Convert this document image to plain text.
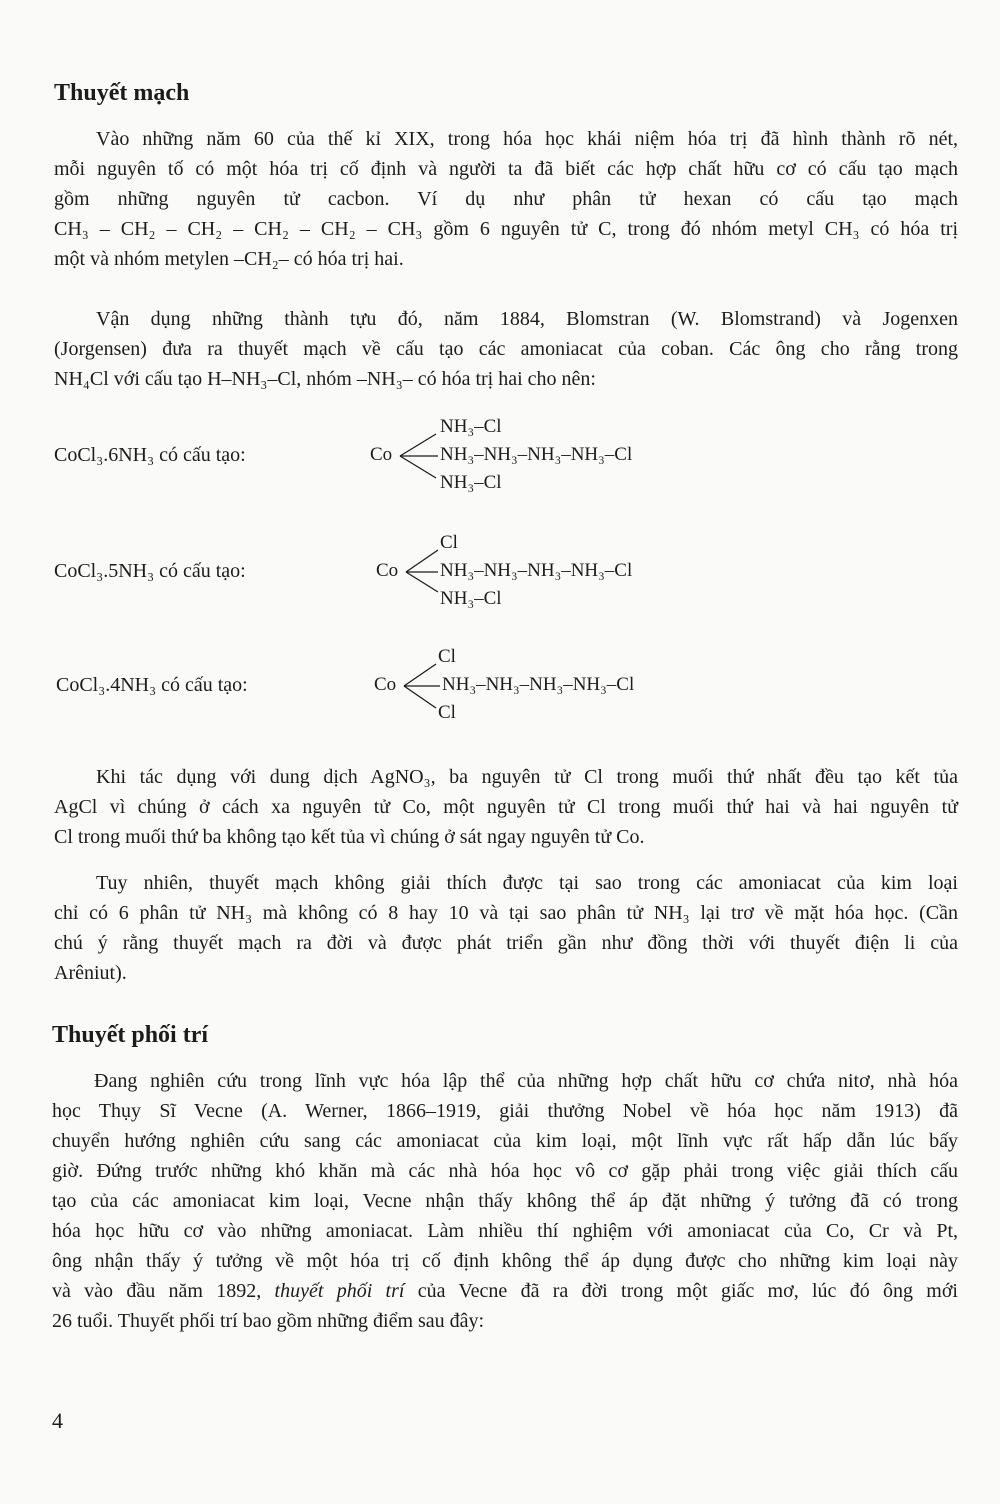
Thuyết mạch
Vào những năm 60 của thế kỉ XIX, trong hóa học khái niệm hóa trị đã hình thành rõ nét,
mỗi nguyên tố có một hóa trị cố định và người ta đã biết các hợp chất hữu cơ có cấu tạo mạch
gồm những nguyên tử cacbon. Ví dụ như phân tử hexan có cấu tạo mạch
CH₃ – CH₂ – CH₂ – CH₂ – CH₂ – CH₃ gồm 6 nguyên tử C, trong đó nhóm metyl CH₃ có hóa trị
một và nhóm metylen –CH₂– có hóa trị hai.
Vận dụng những thành tựu đó, năm 1884, Blomstran (W. Blomstrand) và Jogenxen
(Jorgensen) đưa ra thuyết mạch về cấu tạo các amoniacat của coban. Các ông cho rằng trong
NH₄Cl với cấu tạo H–NH₃–Cl, nhóm –NH₃– có hóa trị hai cho nên:
CoCl₃.6NH₃ có cấu tạo:	Co
NH₃–Cl
NH₃–NH₃–NH₃–NH₃–Cl
NH₃–Cl
CoCl₃.5NH₃ có cấu tạo:	Co
Cl
NH₃–NH₃–NH₃–NH₃–Cl
NH₃–Cl
CoCl₃.4NH₃ có cấu tạo:	Co
Cl
NH₃–NH₃–NH₃–NH₃–Cl
Cl
Khi tác dụng với dung dịch AgNO₃, ba nguyên tử Cl trong muối thứ nhất đều tạo kết tủa
AgCl vì chúng ở cách xa nguyên tử Co, một nguyên tử Cl trong muối thứ hai và hai nguyên tử
Cl trong muối thứ ba không tạo kết tủa vì chúng ở sát ngay nguyên tử Co.
Tuy nhiên, thuyết mạch không giải thích được tại sao trong các amoniacat của kim loại
chỉ có 6 phân tử NH₃ mà không có 8 hay 10 và tại sao phân tử NH₃ lại trơ về mặt hóa học. (Cần
chú ý rằng thuyết mạch ra đời và được phát triển gần như đồng thời với thuyết điện li của
Arêniut).
Thuyết phối trí
Đang nghiên cứu trong lĩnh vực hóa lập thể của những hợp chất hữu cơ chứa nitơ, nhà hóa
học Thụy Sĩ Vecne (A. Werner, 1866–1919, giải thưởng Nobel về hóa học năm 1913) đã
chuyển hướng nghiên cứu sang các amoniacat của kim loại, một lĩnh vực rất hấp dẫn lúc bấy
giờ. Đứng trước những khó khăn mà các nhà hóa học vô cơ gặp phải trong việc giải thích cấu
tạo của các amoniacat kim loại, Vecne nhận thấy không thể áp đặt những ý tưởng đã có trong
hóa học hữu cơ vào những amoniacat. Làm nhiều thí nghiệm với amoniacat của Co, Cr và Pt,
ông nhận thấy ý tưởng về một hóa trị cố định không thể áp dụng được cho những kim loại này
và vào đầu năm 1892, thuyết phối trí của Vecne đã ra đời trong một giấc mơ, lúc đó ông mới
26 tuổi. Thuyết phối trí bao gồm những điểm sau đây:
4
